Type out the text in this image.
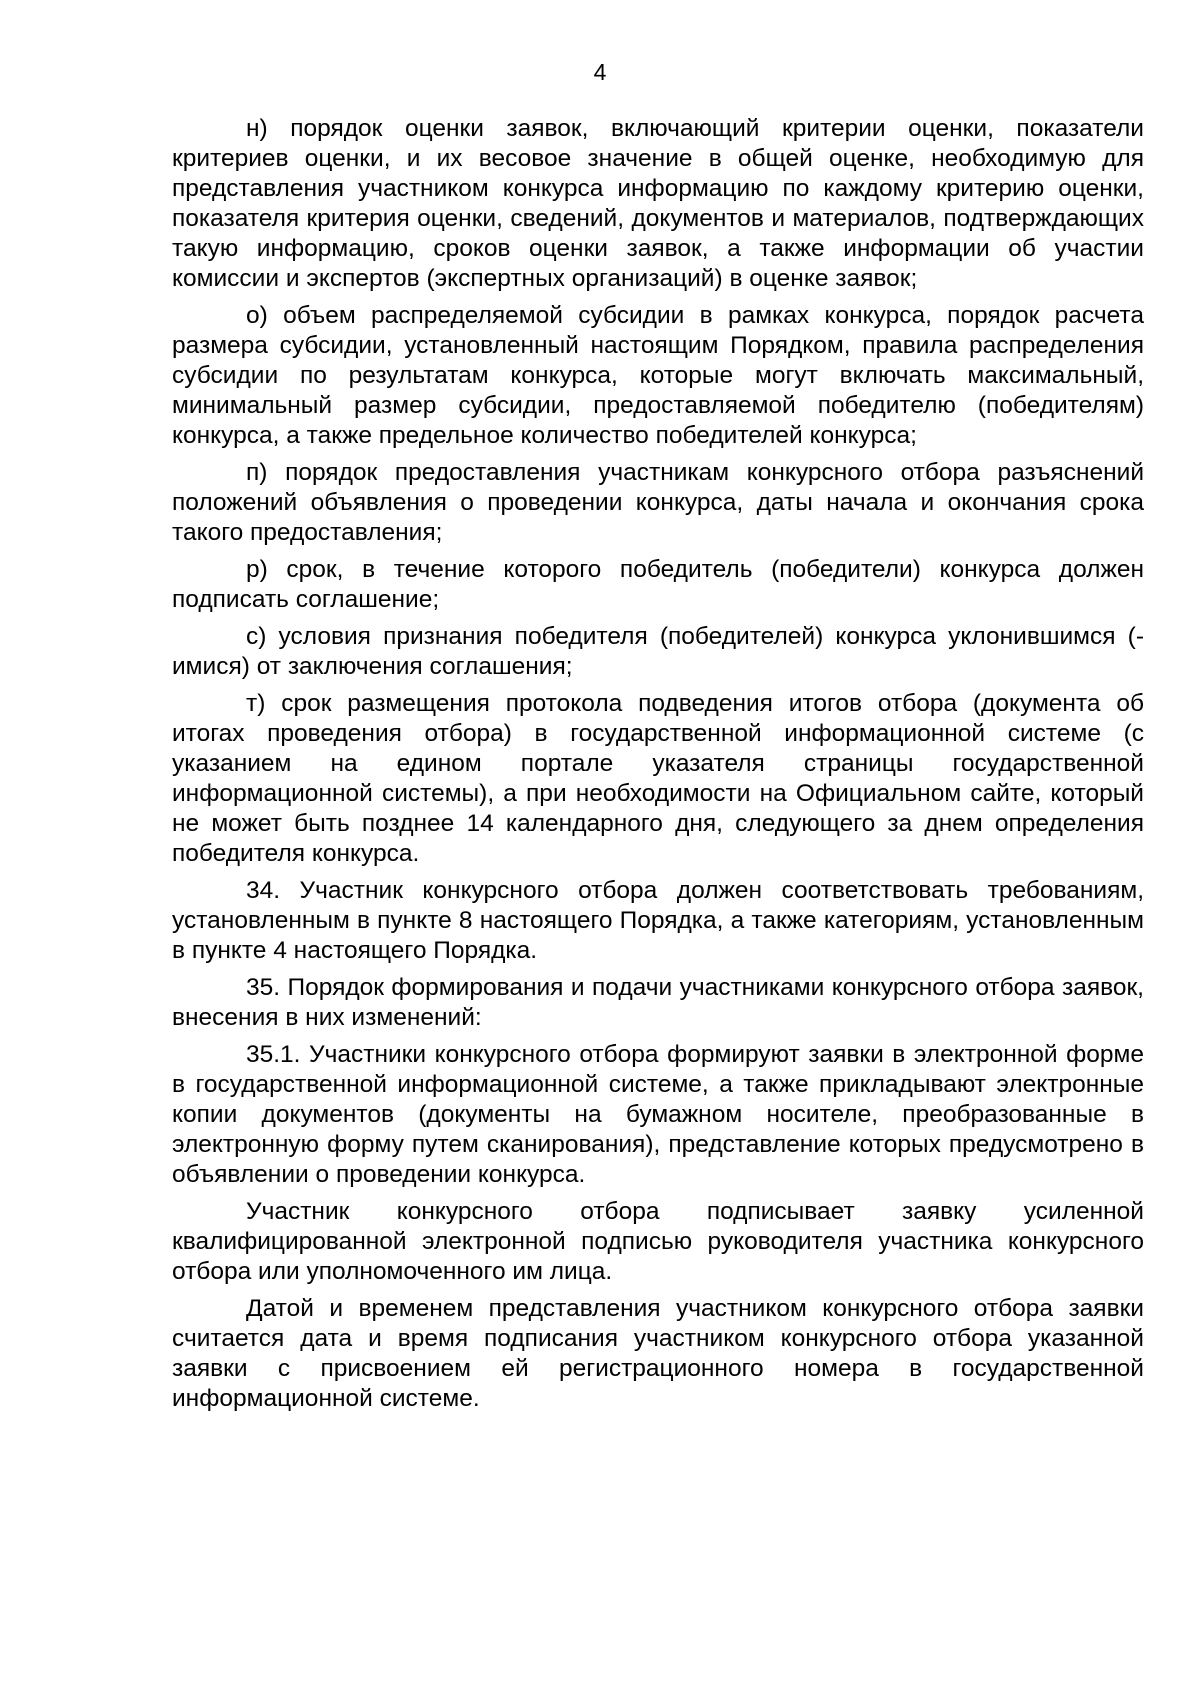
4

н) порядок оценки заявок, включающий критерии оценки, показатели критериев оценки, и их весовое значение в общей оценке, необходимую для представления участником конкурса информацию по каждому критерию оценки, показателя критерия оценки, сведений, документов и материалов, подтверждающих такую информацию, сроков оценки заявок, а также информации об участии комиссии и экспертов (экспертных организаций) в оценке заявок;

о) объем распределяемой субсидии в рамках конкурса, порядок расчета размера субсидии, установленный настоящим Порядком, правила распределения субсидии по результатам конкурса, которые могут включать максимальный, минимальный размер субсидии, предоставляемой победителю (победителям) конкурса, а также предельное количество победителей конкурса;

п) порядок предоставления участникам конкурсного отбора разъяснений положений объявления о проведении конкурса, даты начала и окончания срока такого предоставления;

р) срок, в течение которого победитель (победители) конкурса должен подписать соглашение;

с) условия признания победителя (победителей) конкурса уклонившимся (-имися) от заключения соглашения;

т) срок размещения протокола подведения итогов отбора (документа об итогах проведения отбора) в государственной информационной системе (с указанием на едином портале указателя страницы государственной информационной системы), а при необходимости на Официальном сайте, который не может быть позднее 14 календарного дня, следующего за днем определения победителя конкурса.

34. Участник конкурсного отбора должен соответствовать требованиям, установленным в пункте 8 настоящего Порядка, а также категориям, установленным в пункте 4 настоящего Порядка.

35. Порядок формирования и подачи участниками конкурсного отбора заявок, внесения в них изменений:

35.1. Участники конкурсного отбора формируют заявки в электронной форме в государственной информационной системе, а также прикладывают электронные копии документов (документы на бумажном носителе, преобразованные в электронную форму путем сканирования), представление которых предусмотрено в объявлении о проведении конкурса.

Участник конкурсного отбора подписывает заявку усиленной квалифицированной электронной подписью руководителя участника конкурсного отбора или уполномоченного им лица.

Датой и временем представления участником конкурсного отбора заявки считается дата и время подписания участником конкурсного отбора указанной заявки с присвоением ей регистрационного номера в государственной информационной системе.
